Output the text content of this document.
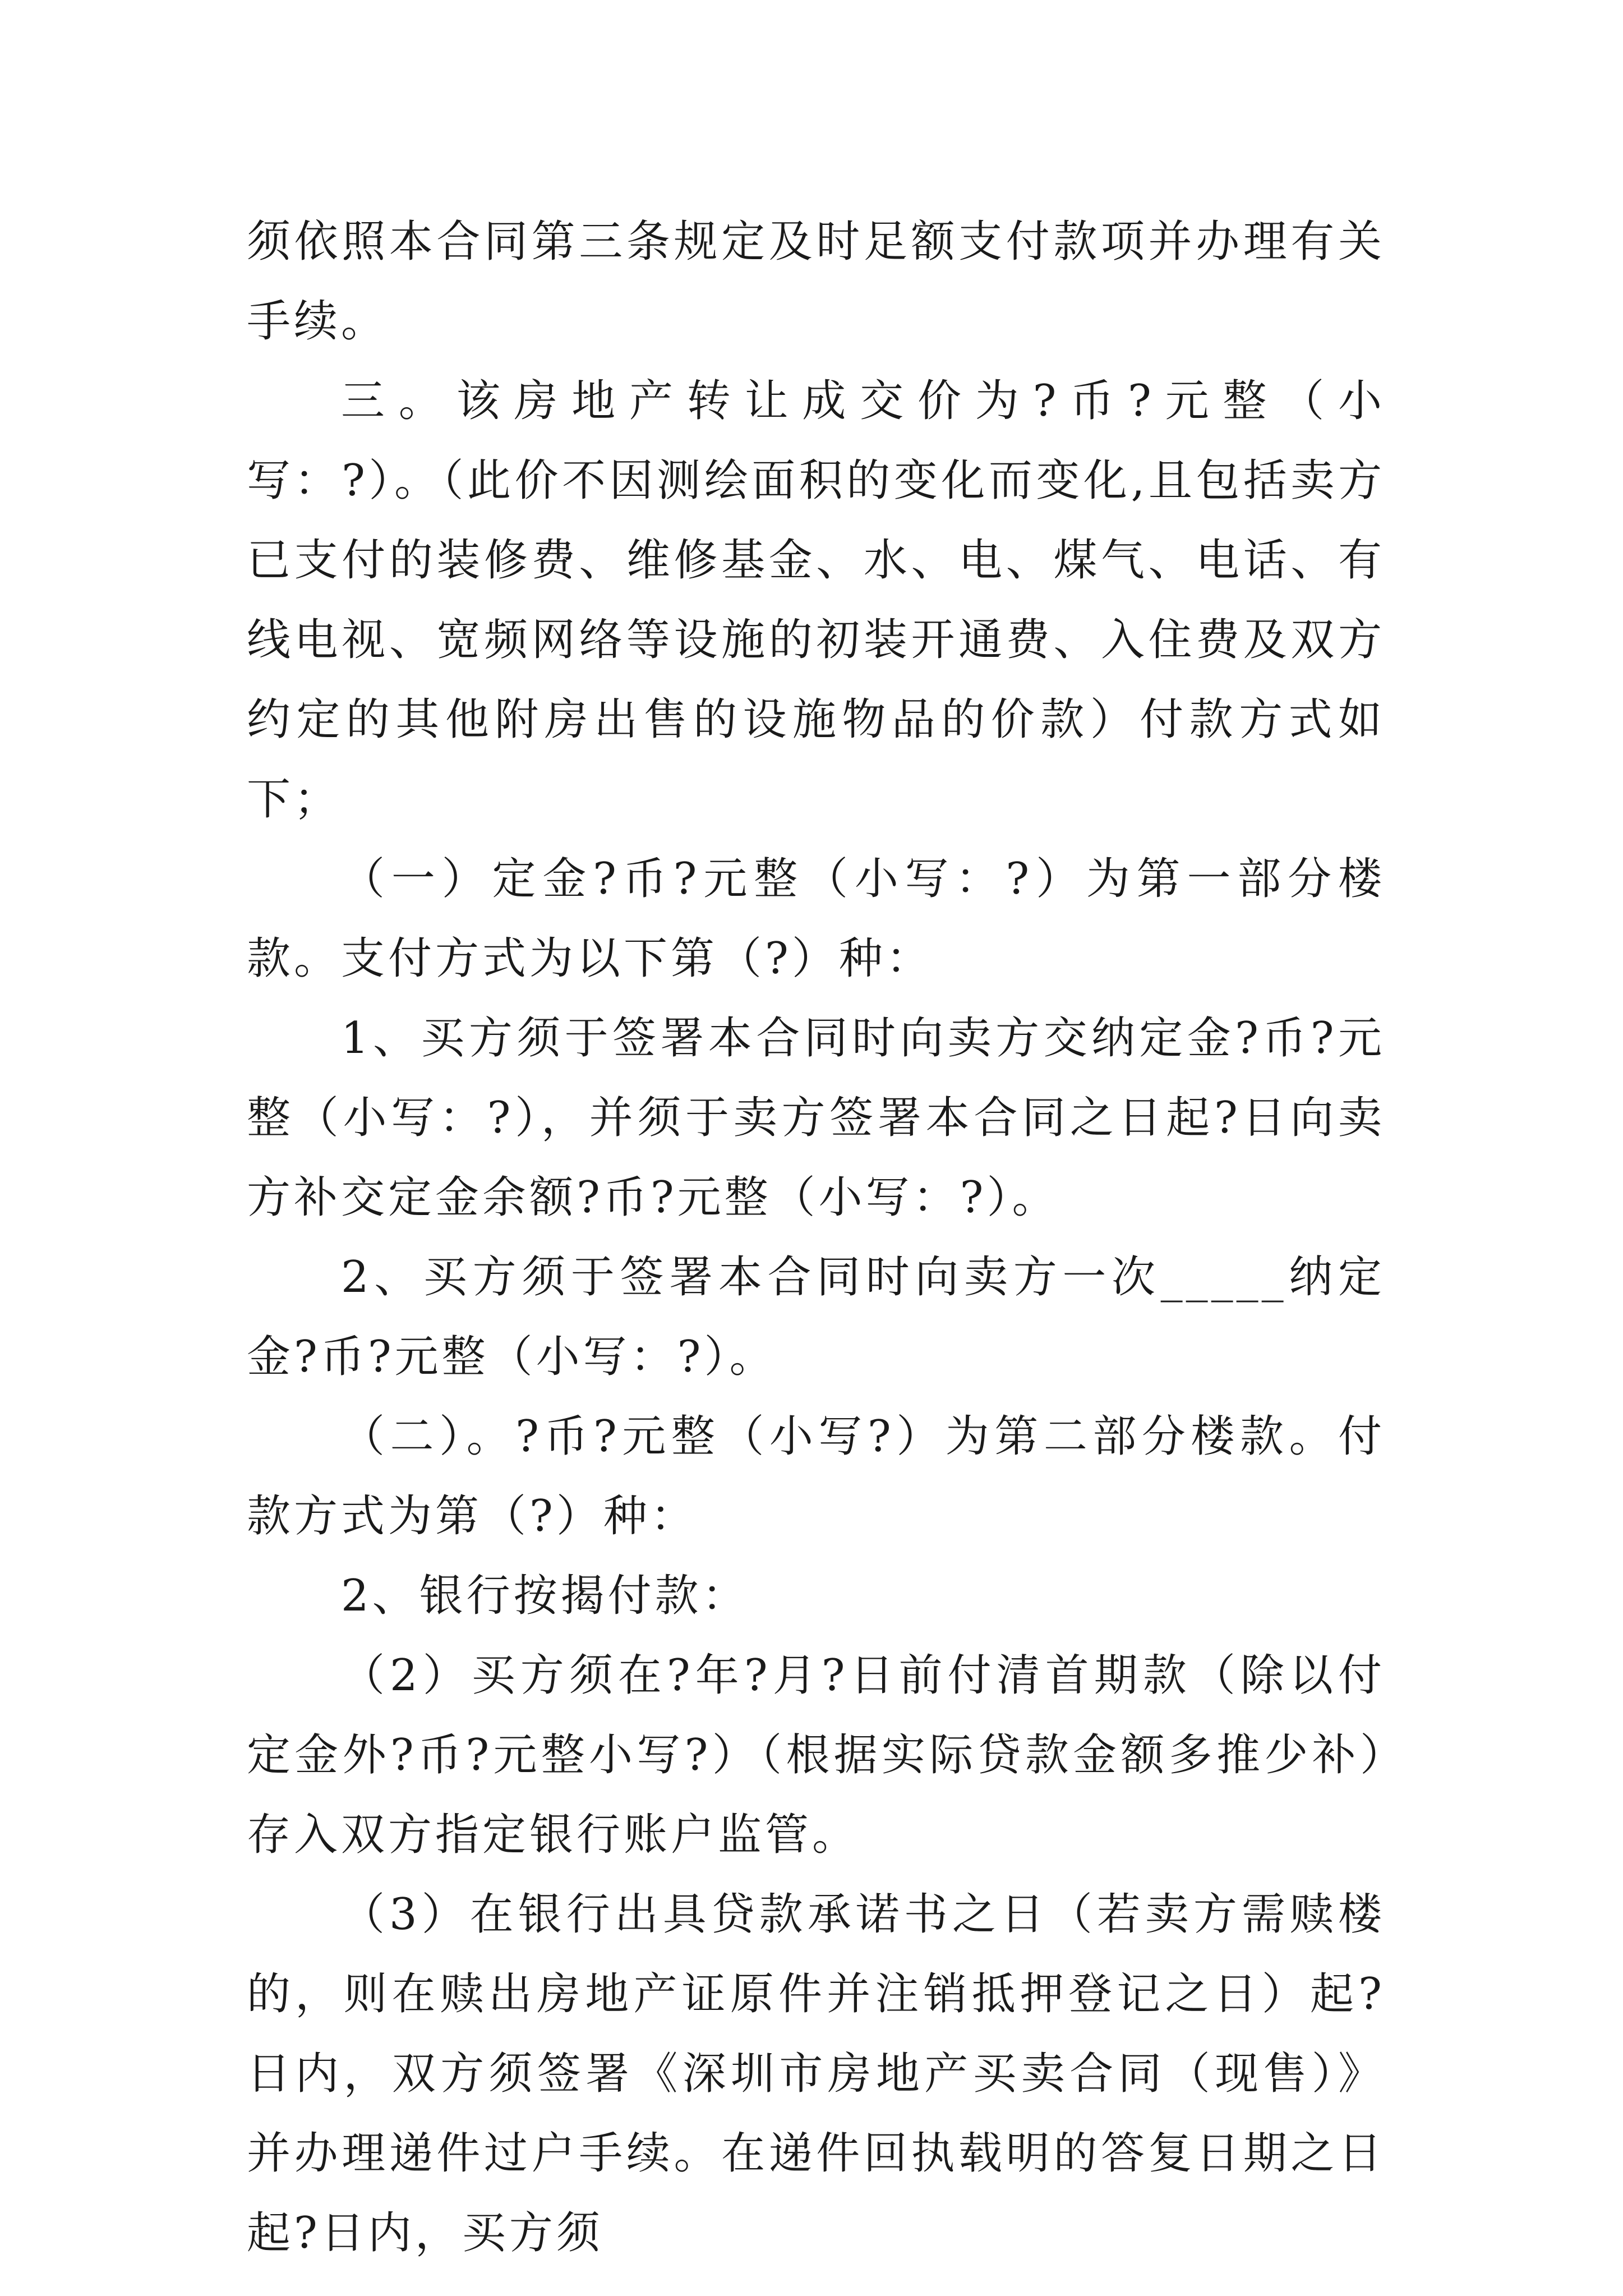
须依照本合同第三条规定及时足额支付款项并办理有关手续。

三。该房地产转让成交价为?币?元整（小写：?）。（此价不因测绘面积的变化而变化,且包括卖方已支付的装修费、维修基金、水、电、煤气、电话、有线电视、宽频网络等设施的初装开通费、入住费及双方约定的其他附房出售的设施物品的价款）付款方式如下；

（一）定金?币?元整（小写：?）为第一部分楼款。支付方式为以下第（?）种：

1、买方须于签署本合同时向卖方交纳定金?币?元整（小写：?），并须于卖方签署本合同之日起?日向卖方补交定金余额?币?元整（小写：?）。

2、买方须于签署本合同时向卖方一次_____纳定金?币?元整（小写：?）。

（二）。?币?元整（小写?）为第二部分楼款。付款方式为第（?）种：

2、银行按揭付款：

（2）买方须在?年?月?日前付清首期款（除以付定金外?币?元整小写?）（根据实际贷款金额多推少补）存入双方指定银行账户监管。

（3）在银行出具贷款承诺书之日（若卖方需赎楼的，则在赎出房地产证原件并注销抵押登记之日）起?日内，双方须签署《深圳市房地产买卖合同（现售）》并办理递件过户手续。在递件回执载明的答复日期之日起?日内，买方须
